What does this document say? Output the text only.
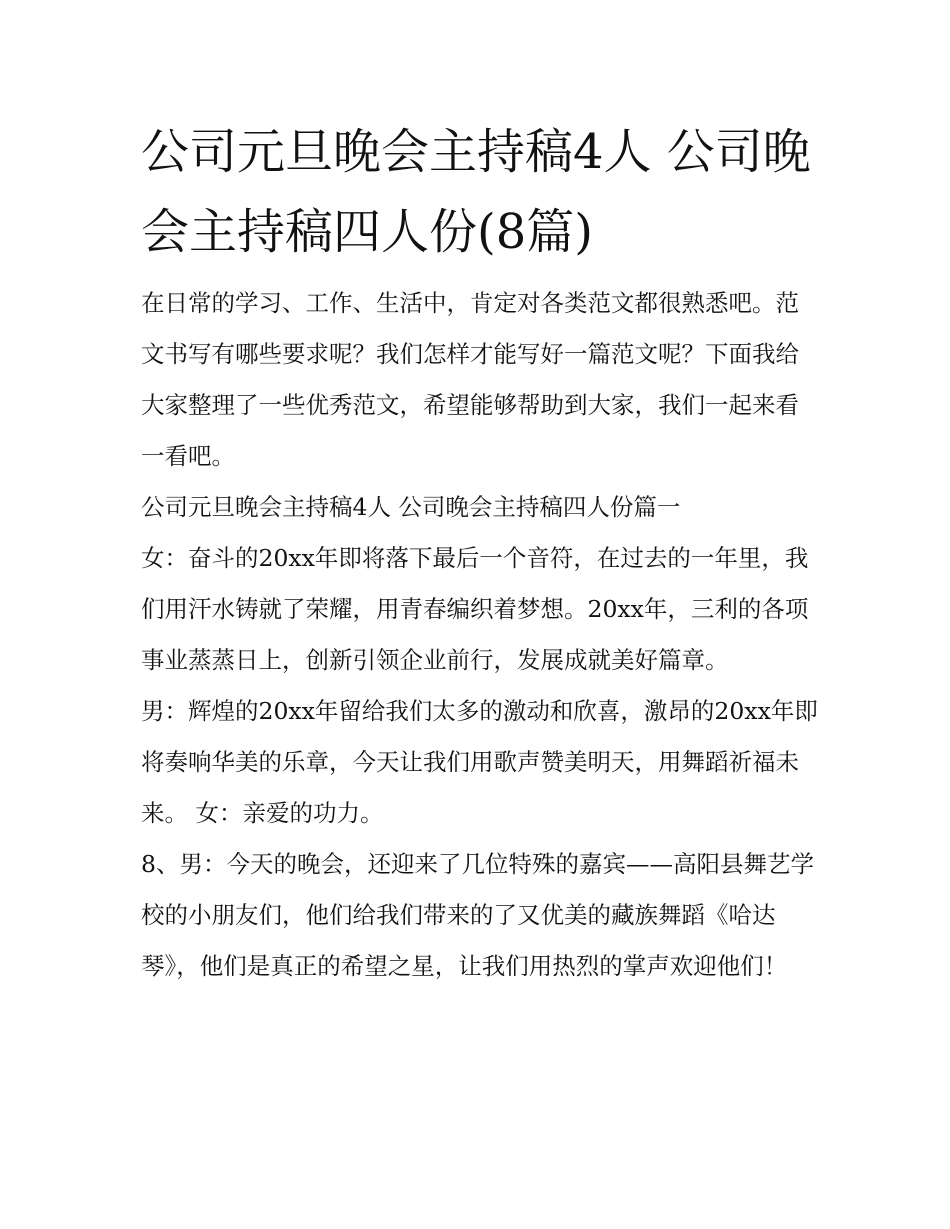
公司元旦晚会主持稿4人 公司晚会主持稿四人份(8篇)

在日常的学习、工作、生活中，肯定对各类范文都很熟悉吧。范文书写有哪些要求呢？我们怎样才能写好一篇范文呢？下面我给大家整理了一些优秀范文，希望能够帮助到大家，我们一起来看一看吧。

公司元旦晚会主持稿4人 公司晚会主持稿四人份篇一

女：奋斗的20xx年即将落下最后一个音符，在过去的一年里，我们用汗水铸就了荣耀，用青春编织着梦想。20xx年，三利的各项事业蒸蒸日上，创新引领企业前行，发展成就美好篇章。

男：辉煌的20xx年留给我们太多的激动和欣喜，激昂的20xx年即将奏响华美的乐章，今天让我们用歌声赞美明天，用舞蹈祈福未来。 女：亲爱的功力。

8、男：今天的晚会，还迎来了几位特殊的嘉宾——高阳县舞艺学校的小朋友们，他们给我们带来的了又优美的藏族舞蹈《哈达琴》，他们是真正的希望之星，让我们用热烈的掌声欢迎他们！
